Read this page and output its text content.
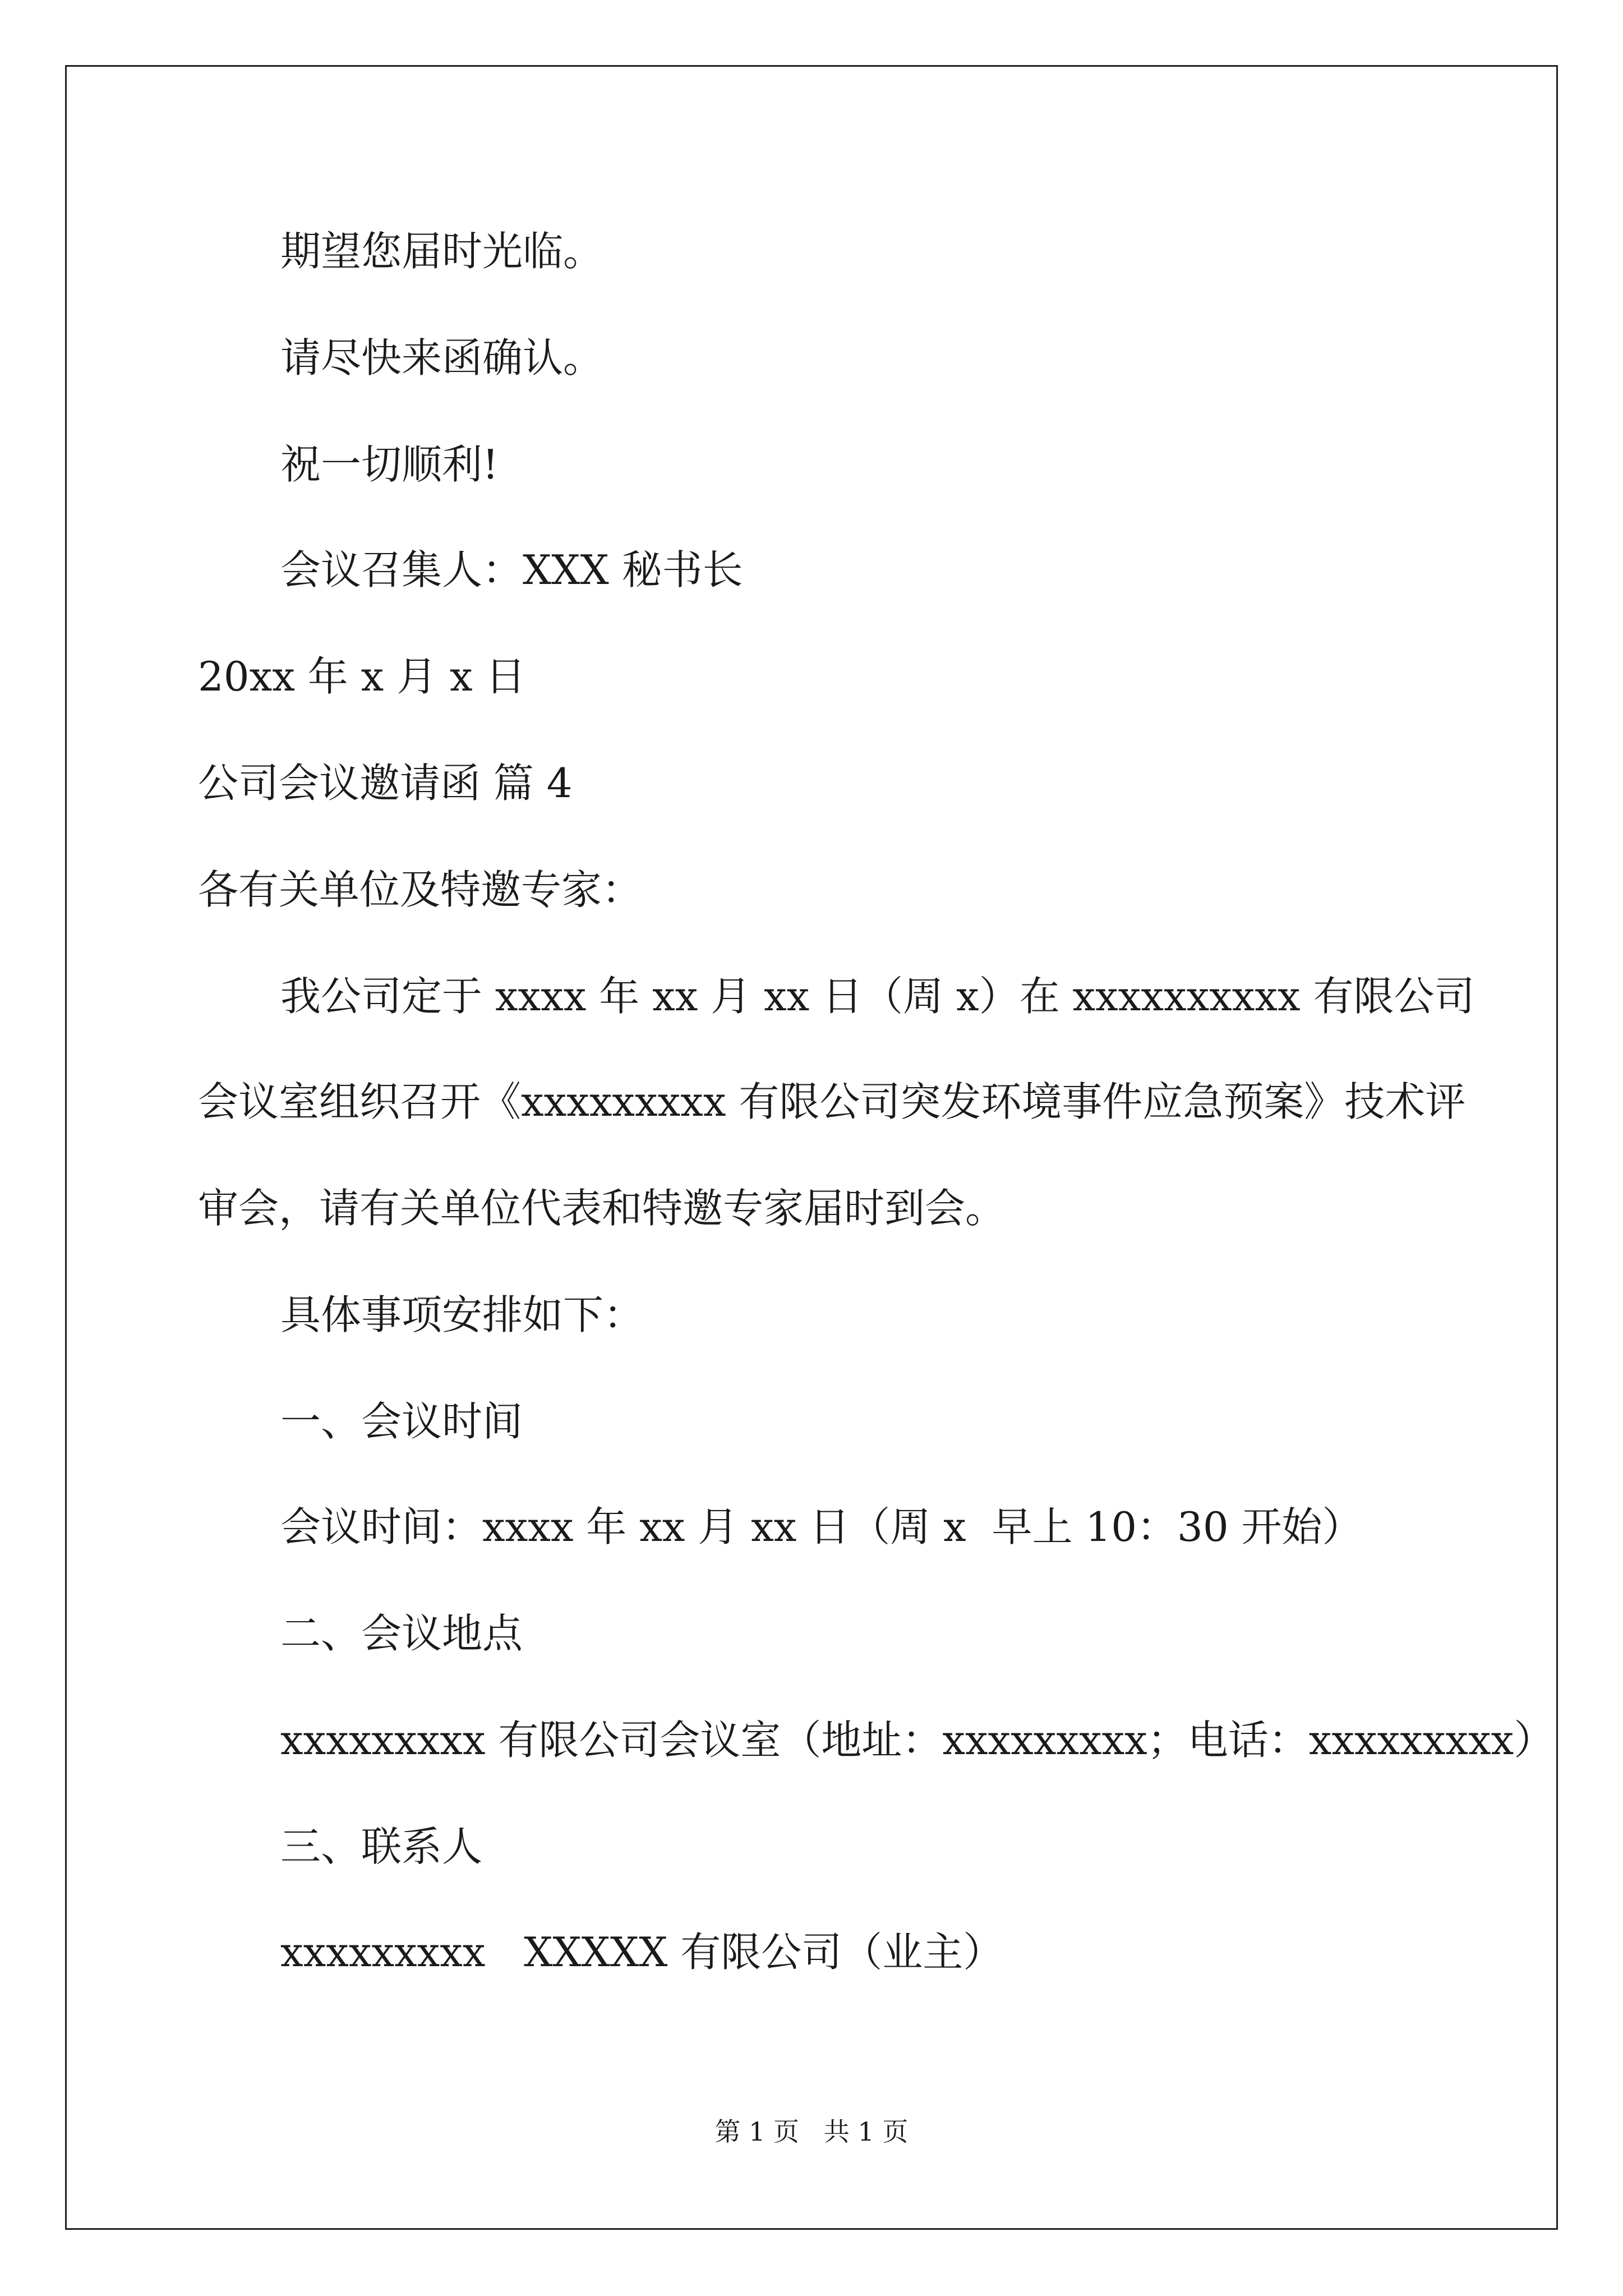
期望您届时光临。

请尽快来函确认。

祝一切顺利!

会议召集人：XXX 秘书长

20xx 年 x 月 x 日

公司会议邀请函 篇 4

各有关单位及特邀专家：

我公司定于 xxxx 年 xx 月 xx 日（周 x）在 xxxxxxxxxx 有限公司

会议室组织召开《xxxxxxxxx 有限公司突发环境事件应急预案》技术评

审会，请有关单位代表和特邀专家届时到会。

具体事项安排如下：

一、会议时间

会议时间：xxxx 年 xx 月 xx 日（周 x  早上 10：30 开始）

二、会议地点

xxxxxxxxx 有限公司会议室（地址：xxxxxxxxx；电话：xxxxxxxxx）

三、联系人

xxxxxxxxx   XXXXX 有限公司（业主）

第 1 页   共 1 页
